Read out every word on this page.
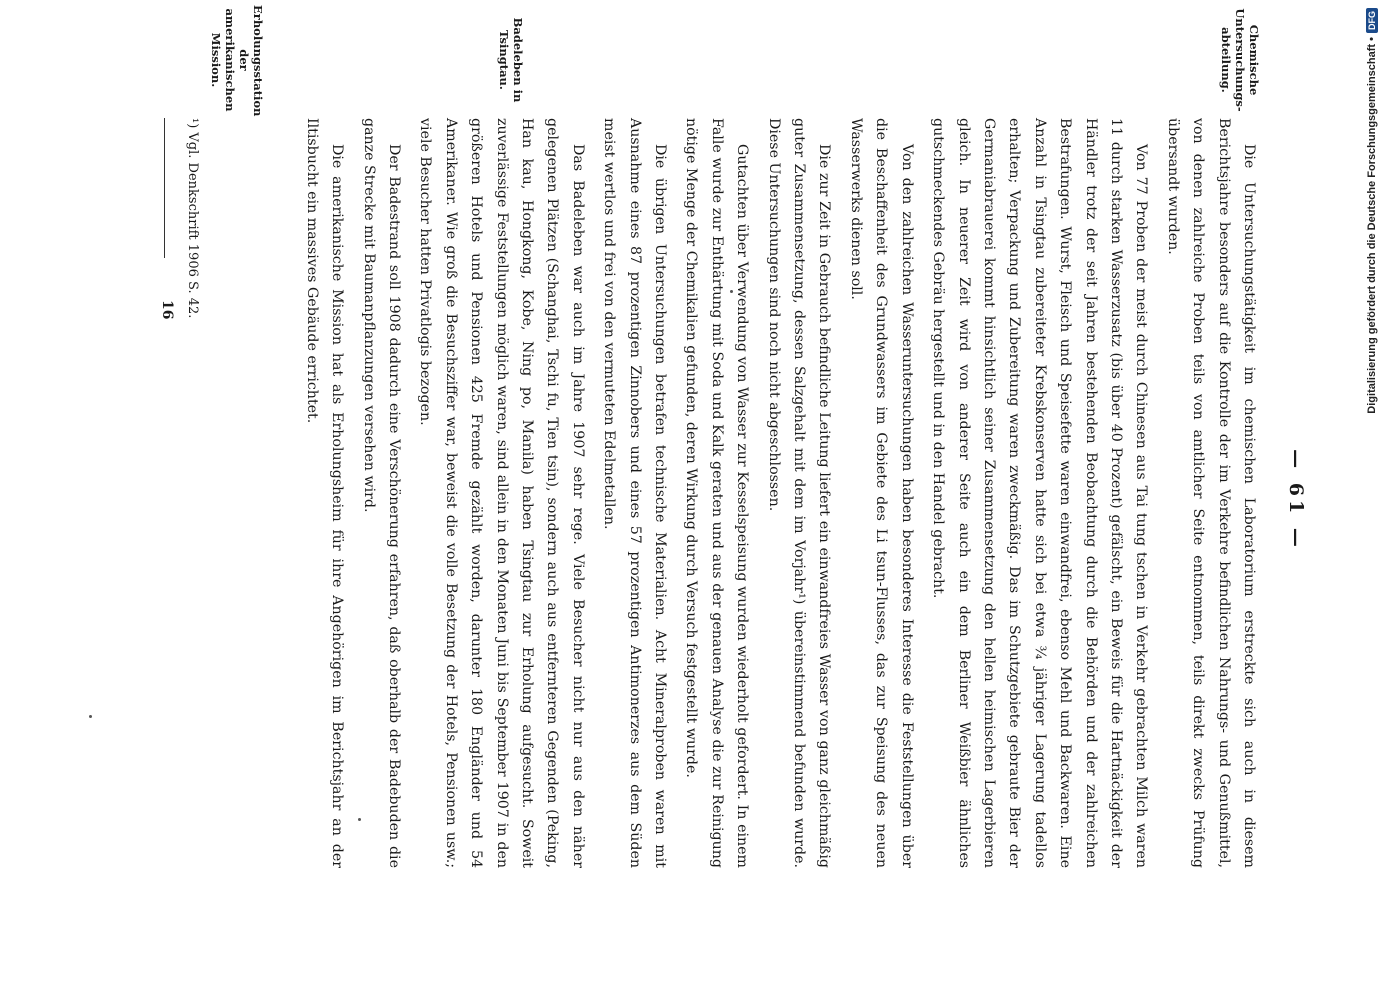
— 61 —

Die Untersuchungstätigkeit im chemischen Laboratorium erstreckte sich auch in diesem Berichtsjahre besonders auf die Kontrolle der im Verkehre befindlichen Nahrungs- und Genußmittel, von denen zahlreiche Proben teils von amtlicher Seite entnommen, teils direkt zwecks Prüfung übersandt wurden.

Von 77 Proben der meist durch Chinesen aus Tai tung tschen in Verkehr gebrachten Milch waren 11 durch starken Wasserzusatz (bis über 40 Prozent) gefälscht, ein Beweis für die Hartnäckigkeit der Händler trotz der seit Jahren bestehenden Beobachtung durch die Behörden und der zahlreichen Bestrafungen. Wurst, Fleisch und Speisefette waren einwandfrei, ebenso Mehl und Backwaren. Eine Anzahl in Tsingtau zubereiteter Krebskonserven hatte sich bei etwa ¾ jähriger Lagerung tadellos erhalten; Verpackung und Zubereitung waren zweckmäßig. Das im Schutzgebiete gebraute Bier der Germaniabrauerei kommt hinsichtlich seiner Zusammensetzung den hellen heimischen Lagerbieren gleich. In neuerer Zeit wird von anderer Seite auch ein dem Berliner Weißbier ähnliches gutschmeckendes Gebräu hergestellt und in den Handel gebracht.

Von den zahlreichen Wasseruntersuchungen haben besonderes Interesse die Feststellungen über die Beschaffenheit des Grundwassers im Gebiete des Li tsun-Flusses, das zur Speisung des neuen Wasserwerks dienen soll.

Die zur Zeit in Gebrauch befindliche Leitung liefert ein einwandfreies Wasser von ganz gleichmäßig guter Zusammensetzung, dessen Salzgehalt mit dem im Vorjahr¹) übereinstimmend befunden wurde. Diese Untersuchungen sind noch nicht abgeschlossen.

Gutachten über Verwendung von Wasser zur Kesselspeisung wurden wiederholt gefordert. In einem Falle wurde zur Enthärtung mit Soda und Kalk geraten und aus der genauen Analyse die zur Reinigung nötige Menge der Chemikalien gefunden, deren Wirkung durch Versuch festgestellt wurde.

Die übrigen Untersuchungen betrafen technische Materialien. Acht Mineralproben waren mit Ausnahme eines 87 prozentigen Zinnobers und eines 57 prozentigen Antimonerzes aus dem Süden meist wertlos und frei von den vermuteten Edelmetallen.

Das Badeleben war auch im Jahre 1907 sehr rege. Viele Besucher nicht nur aus den näher gelegenen Plätzen (Schanghai, Tschi fu, Tien tsin), sondern auch aus entfernteren Gegenden (Peking, Han kau, Hongkong, Kobe, Ning po, Manila) haben Tsingtau zur Erholung aufgesucht. Soweit zuverlässige Feststellungen möglich waren, sind allein in den Monaten Juni bis September 1907 in den größeren Hotels und Pensionen 425 Fremde gezählt worden, darunter 180 Engländer und 54 Amerikaner. Wie groß die Besuchsziffer war, beweist die volle Besetzung der Hotels, Pensionen usw.; viele Besucher hatten Privatlogis bezogen.

Der Badestrand soll 1908 dadurch eine Verschönerung erfahren, daß oberhalb der Badebuden die ganze Strecke mit Baumanpflanzungen versehen wird.

Die amerikanische Mission hat als Erholungsheim für ihre Angehörigen im Berichtsjahr an der Iltisbucht ein massives Gebäude errichtet.

Chemische Untersuchungs-abteilung.
Badeleben in Tsingtau.
Erholungsstation der amerikanischen Mission.
¹) Vgl. Denkschrift 1906 S. 42.
16	Digitalisierung gefördert durch die Deutsche Forschungsgemeinschaft •
DFG
